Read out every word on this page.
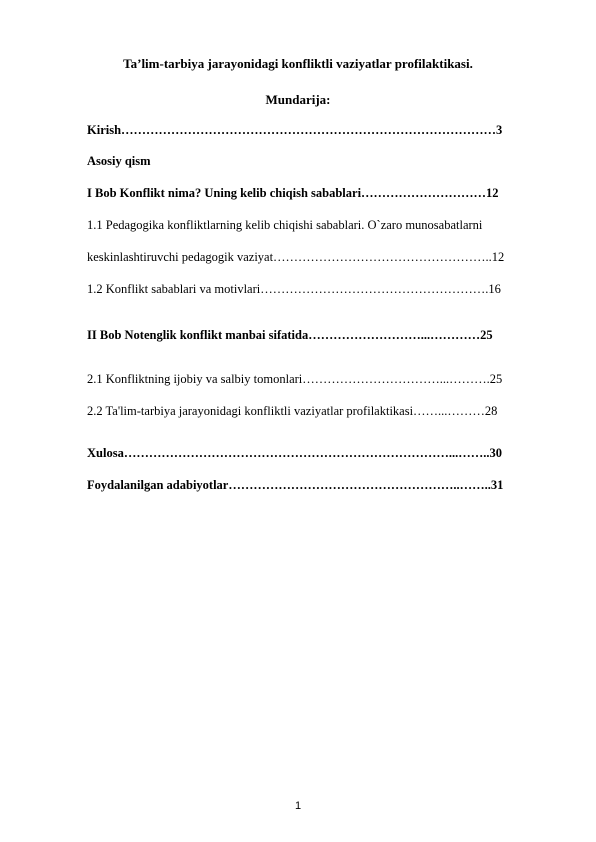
Ta’lim-tarbiya jarayonidagi konfliktli vaziyatlar profilaktikasi.
Mundarija:
Kirish………………………………………………………………………………3
Asosiy qism
I Bob Konflikt nima? Uning kelib chiqish sabablari…………………………12
1.1 Pedagogika konfliktlarning kelib chiqishi sabablari. O`zaro munosabatlarni
keskinlashtiruvchi pedagogik vaziyat……………………………………………..12
1.2 Konflikt sabablari va motivlari……………………………………………….16
II Bob Notenglik konflikt manbai sifatida………………………...…………25
2.1 Konfliktning ijobiy va salbiy tomonlari……………………………...……….25
2.2 Ta'lim-tarbiya jarayonidagi konfliktli vaziyatlar profilaktikasi……...………28
Xulosa……………………………………………………………………...……..30
Foydalanilgan adabiyotlar………………………………………………..……..31
1
